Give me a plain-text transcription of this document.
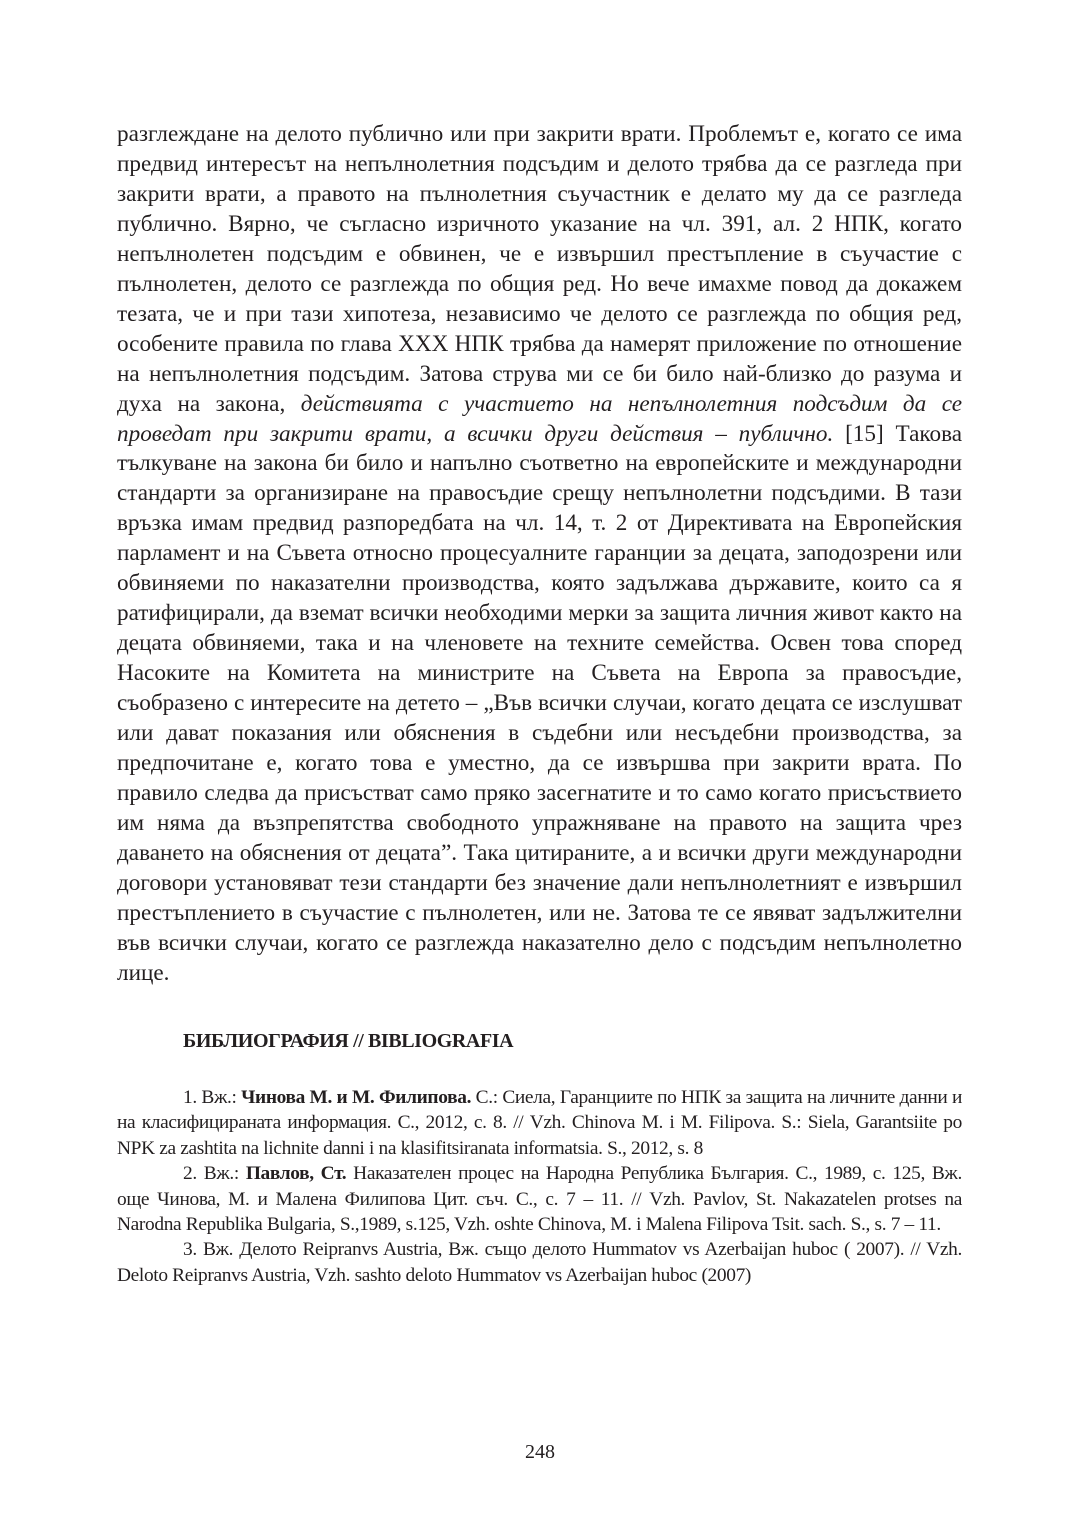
разглеждане на делото публично или при закрити врати. Проблемът е, когато се има предвид интересът на непълнолетния подсъдим и делото трябва да се разгледа при закрити врати, а правото на пълнолетния съучастник е делато му да се разгледа публично. Вярно, че съгласно изричното указание на чл. 391, ал. 2 НПК, когато непълнолетен подсъдим е обвинен, че е извършил престъпление в съучастие с пълнолетен, делото се разглежда по общия ред. Но вече имахме повод да докажем тезата, че и при тази хипотеза, независимо че делото се разглежда по общия ред, особените правила по глава XXX НПК трябва да намерят приложение по отношение на непълнолетния подсъдим. Затова струва ми се би било най-близко до разума и духа на закона, действията с участието на непълнолетния подсъдим да се проведат при закрити врати, а всички други действия – публично. [15] Такова тълкуване на закона би било и напълно съответно на европейските и международни стандарти за организиране на правосъдие срещу непълнолетни подсъдими. В тази връзка имам предвид разпоредбата на чл. 14, т. 2 от Директивата на Европейския парламент и на Съвета относно процесуалните гаранции за децата, заподозрени или обвиняеми по наказателни производства, която задължава държавите, които са я ратифицирали, да вземат всички необходими мерки за защита личния живот както на децата обвиняеми, така и на членовете на техните семейства. Освен това според Насоките на Комитета на министрите на Съвета на Европа за правосъдие, съобразено с интересите на детето – „Във всички случаи, когато децата се изслушват или дават показания или обяснения в съдебни или несъдебни производства, за предпочитане е, когато това е уместно, да се извършва при закрити врата. По правило следва да присъстват само пряко засегнатите и то само когато присъствието им няма да възпрепятства свободното упражняване на правото на защита чрез даването на обяснения от децата”. Така цитираните, а и всички други международни договори установяват тези стандарти без значение дали непълнолетният е извършил престъплението в съучастие с пълнолетен, или не. Затова те се явяват задължителни във всички случаи, когато се разглежда наказателно дело с подсъдим непълнолетно лице.

БИБЛИОГРАФИЯ // BIBLIOGRAFIA

1. Вж.: Чинова М. и М. Филипова. С.: Сиела, Гаранциите по НПК за защита на личните данни и на класифицираната информация. С., 2012, с. 8. // Vzh. Chinova M. i M. Filipova. S.: Siela, Garantsiite po NPK za zashtita na lichnite danni i na klasifitsiranata informatsia. S., 2012, s. 8

2. Вж.: Павлов, Ст. Наказателен процес на Народна Република България. С., 1989, с. 125, Вж. още Чинова, М. и Малена Филипова Цит. съч. С., с. 7 – 11. // Vzh. Pavlov, St. Nakazatelen protses na Narodna Republika Bulgaria, S.,1989, s.125, Vzh. oshte Chinova, M. i Malena Filipova Tsit. sach. S., s. 7 – 11.

3. Вж. Делото Reipranvs Austria, Вж. също делото Hummatov vs Azerbaijan huboc ( 2007). // Vzh. Deloto Reipranvs Austria, Vzh. sashto deloto Hummatov vs Azerbaijan huboc (2007)

248
